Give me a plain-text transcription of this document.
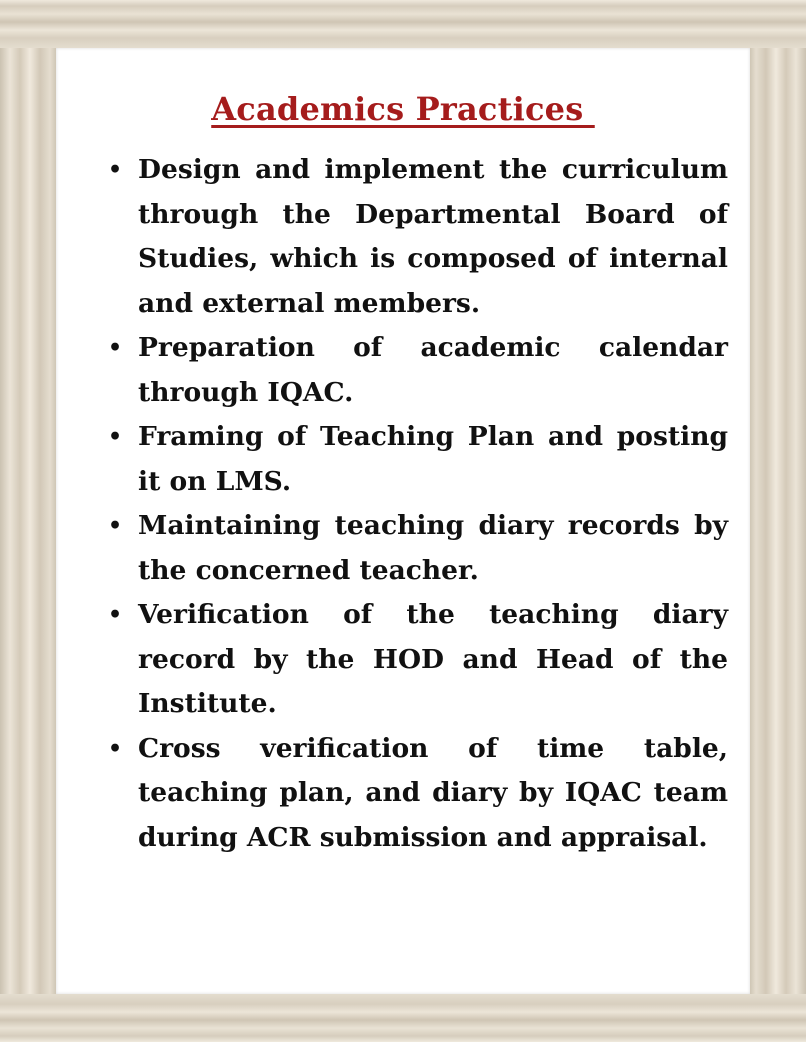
Academics Practices
• Design and implement the curriculum through the Departmental Board of Studies, which is composed of internal and external members.
• Preparation of academic calendar through IQAC.
• Framing of Teaching Plan and posting it on LMS.
• Maintaining teaching diary records by the concerned teacher.
• Verification of the teaching diary record by the HOD and Head of the Institute.
• Cross verification of time table, teaching plan, and diary by IQAC team during ACR submission and appraisal.
